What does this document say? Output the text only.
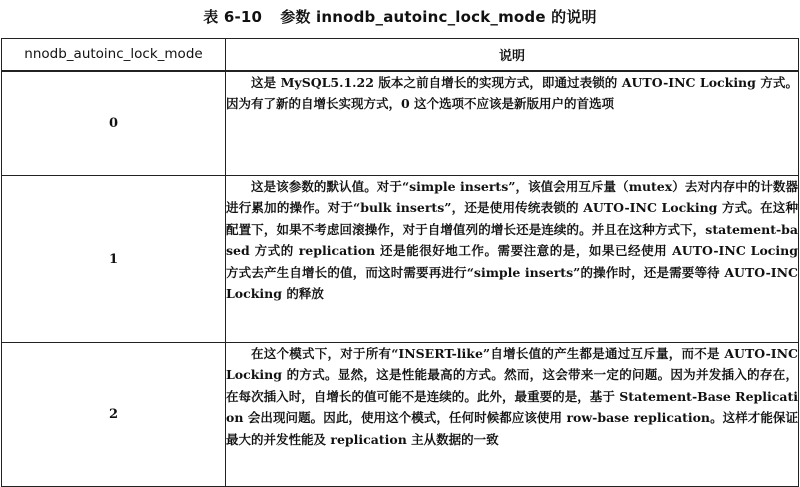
表 6-10 参数 innodb_autoinc_lock_mode 的说明
nnodb_autoinc_lock_mode	说明
0	这是 MySQL5.1.22 版本之前自增长的实现方式，即通过表锁的 AUTO-INC Locking 方式。因为有了新的自增长实现方式，0 这个选项不应该是新版用户的首选项
1	这是该参数的默认值。对于“simple inserts”，该值会用互斥量（mutex）去对内存中的计数器进行累加的操作。对于“bulk inserts”，还是使用传统表锁的 AUTO-INC Locking 方式。在这种配置下，如果不考虑回滚操作，对于自增值列的增长还是连续的。并且在这种方式下，statement-based 方式的 replication 还是能很好地工作。需要注意的是，如果已经使用 AUTO-INC Locing 方式去产生自增长的值，而这时需要再进行“simple inserts”的操作时，还是需要等待 AUTO-INC Locking 的释放
2	在这个模式下，对于所有“INSERT-like”自增长值的产生都是通过互斥量，而不是 AUTO-INC Locking 的方式。显然，这是性能最高的方式。然而，这会带来一定的问题。因为并发插入的存在，在每次插入时，自增长的值可能不是连续的。此外，最重要的是，基于 Statement-Base Replication 会出现问题。因此，使用这个模式，任何时候都应该使用 row-base replication。这样才能保证最大的并发性能及 replication 主从数据的一致
